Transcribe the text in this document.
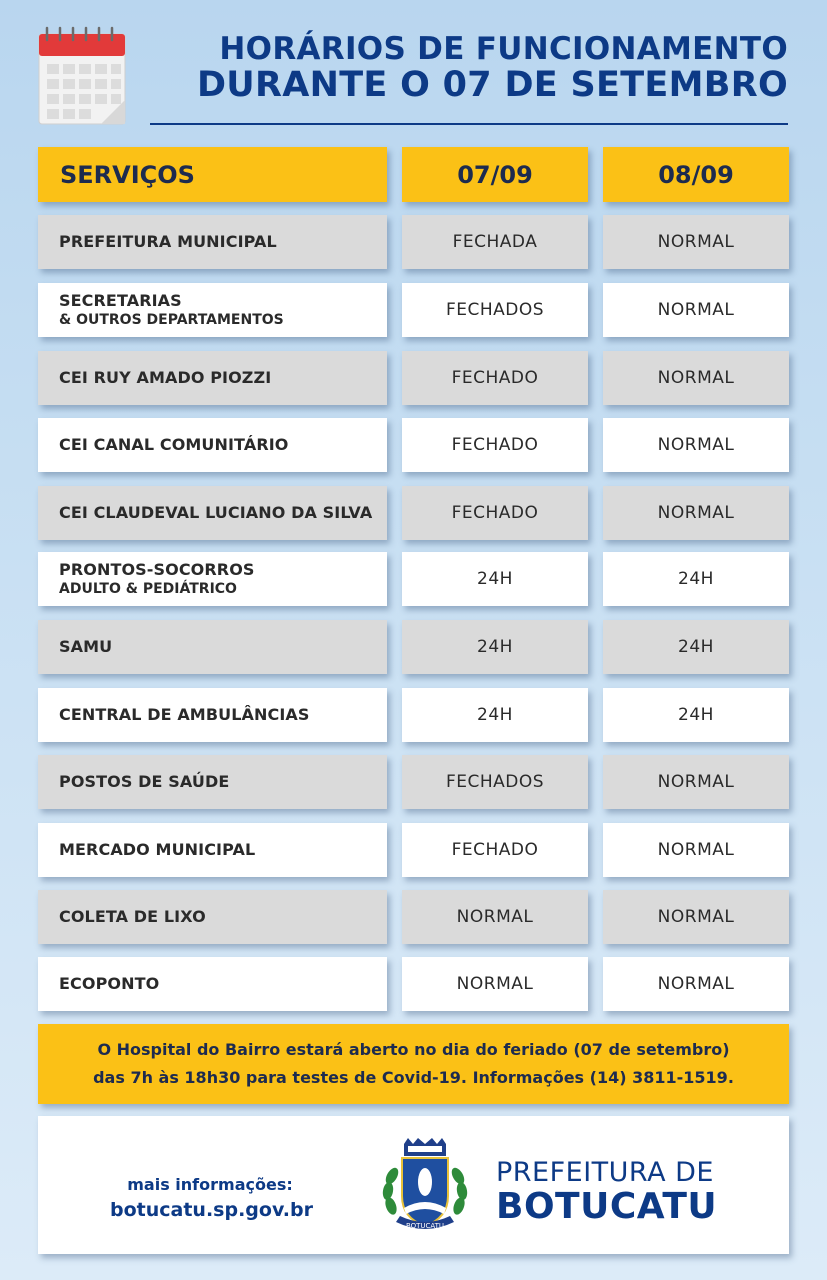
HORÁRIOS DE FUNCIONAMENTO
DURANTE O 07 DE SETEMBRO
SERVIÇOS	07/09	08/09
PREFEITURA MUNICIPAL	FECHADA	NORMAL
SECRETARIAS
& OUTROS DEPARTAMENTOS	FECHADOS	NORMAL
CEI RUY AMADO PIOZZI	FECHADO	NORMAL
CEI CANAL COMUNITÁRIO	FECHADO	NORMAL
CEI CLAUDEVAL LUCIANO DA SILVA	FECHADO	NORMAL
PRONTOS-SOCORROS
ADULTO & PEDIÁTRICO	24H	24H
SAMU	24H	24H
CENTRAL DE AMBULÂNCIAS	24H	24H
POSTOS DE SAÚDE	FECHADOS	NORMAL
MERCADO MUNICIPAL	FECHADO	NORMAL
COLETA DE LIXO	NORMAL	NORMAL
ECOPONTO	NORMAL	NORMAL
O Hospital do Bairro estará aberto no dia do feriado (07 de setembro)
das 7h às 18h30 para testes de Covid-19. Informações (14) 3811-1519.
mais informações:
botucatu.sp.gov.br
BOTUCATU
PREFEITURA DE
BOTUCATU
